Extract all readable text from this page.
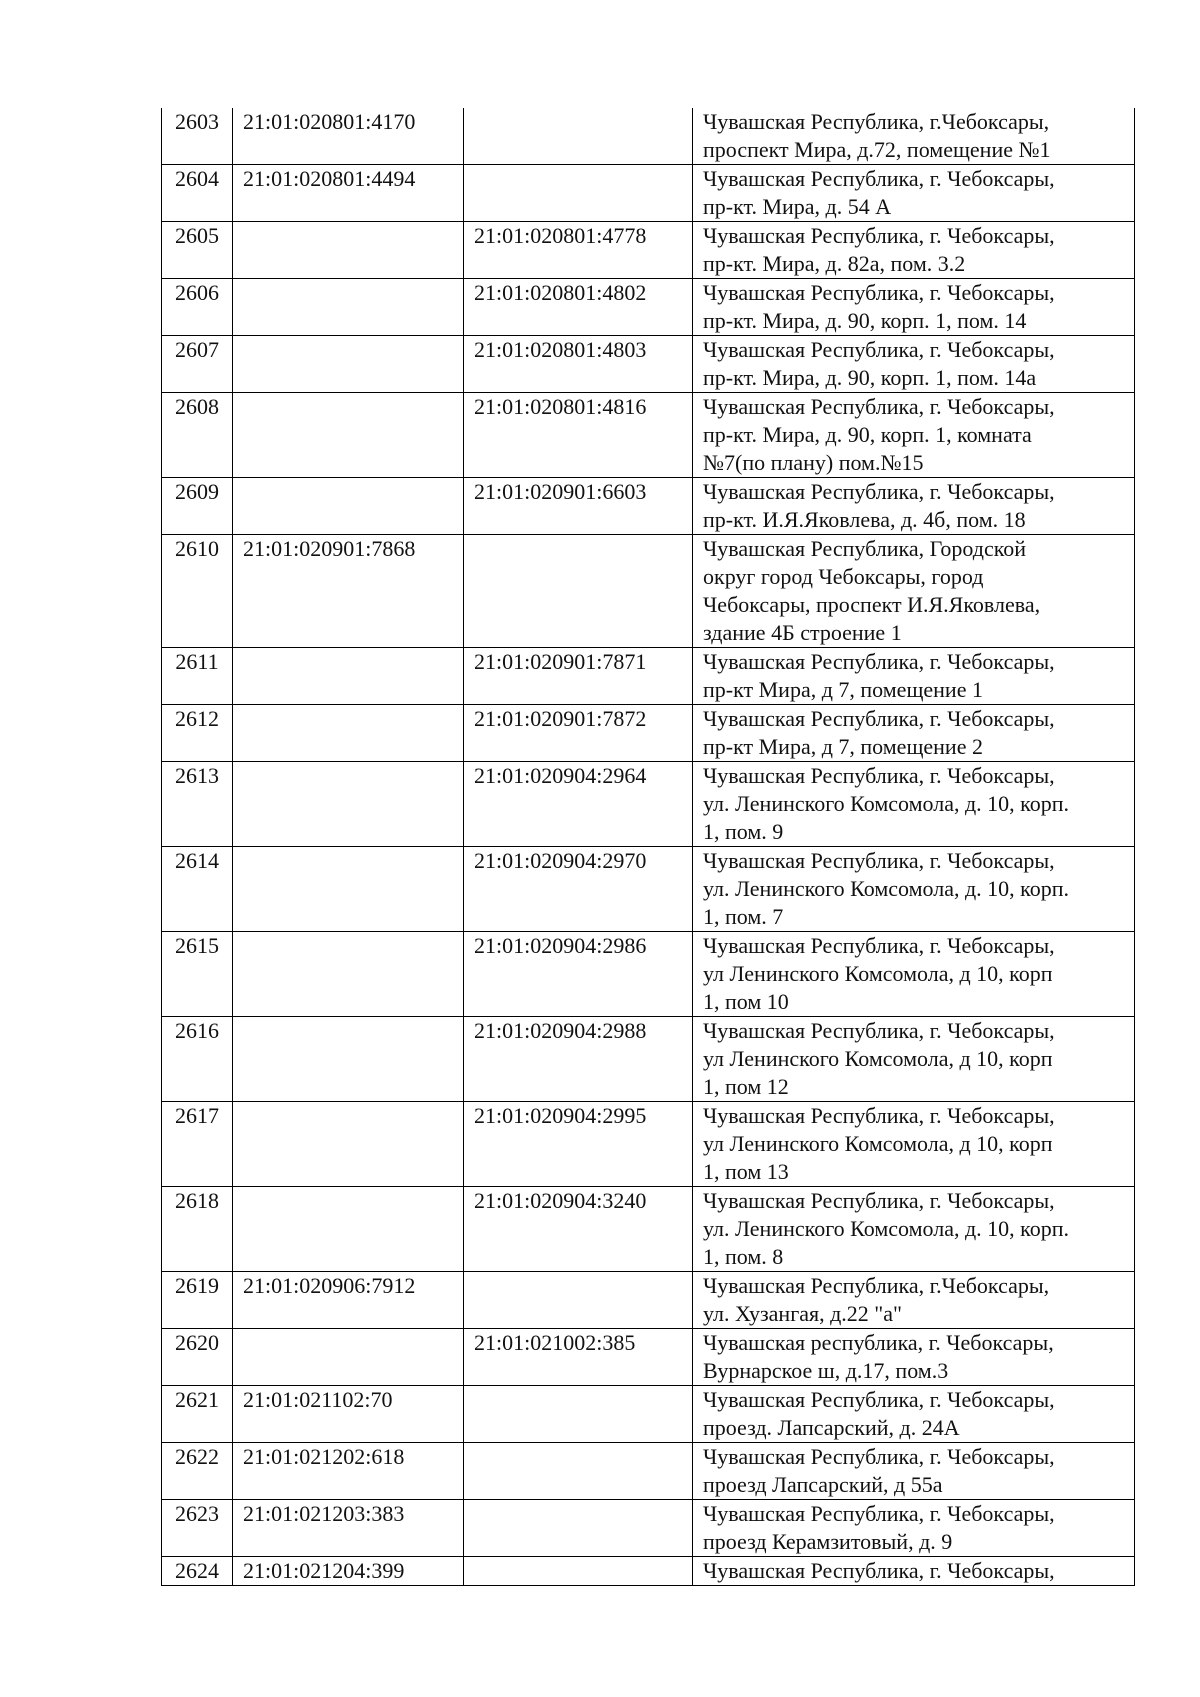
2603	21:01:020801:4170		Чувашская Республика, г.Чебоксары,
проспект Мира, д.72, помещение №1

2604	21:01:020801:4494		Чувашская Республика, г. Чебоксары,
пр-кт. Мира, д. 54 А

2605		21:01:020801:4778	Чувашская Республика, г. Чебоксары,
пр-кт. Мира, д. 82а, пом. 3.2

2606		21:01:020801:4802	Чувашская Республика, г. Чебоксары,
пр-кт. Мира, д. 90, корп. 1, пом. 14

2607		21:01:020801:4803	Чувашская Республика, г. Чебоксары,
пр-кт. Мира, д. 90, корп. 1, пом. 14а

2608		21:01:020801:4816	Чувашская Республика, г. Чебоксары,
пр-кт. Мира, д. 90, корп. 1, комната
№7(по плану) пом.№15

2609		21:01:020901:6603	Чувашская Республика, г. Чебоксары,
пр-кт. И.Я.Яковлева, д. 4б, пом. 18

2610	21:01:020901:7868		Чувашская Республика, Городской
округ город Чебоксары, город
Чебоксары, проспект И.Я.Яковлева,
здание 4Б строение 1

2611		21:01:020901:7871	Чувашская Республика, г. Чебоксары,
пр-кт Мира, д 7, помещение 1

2612		21:01:020901:7872	Чувашская Республика, г. Чебоксары,
пр-кт Мира, д 7, помещение 2

2613		21:01:020904:2964	Чувашская Республика, г. Чебоксары,
ул. Ленинского Комсомола, д. 10, корп.
1, пом. 9

2614		21:01:020904:2970	Чувашская Республика, г. Чебоксары,
ул. Ленинского Комсомола, д. 10, корп.
1, пом. 7

2615		21:01:020904:2986	Чувашская Республика, г. Чебоксары,
ул Ленинского Комсомола, д 10, корп
1, пом 10

2616		21:01:020904:2988	Чувашская Республика, г. Чебоксары,
ул Ленинского Комсомола, д 10, корп
1, пом 12

2617		21:01:020904:2995	Чувашская Республика, г. Чебоксары,
ул Ленинского Комсомола, д 10, корп
1, пом 13

2618		21:01:020904:3240	Чувашская Республика, г. Чебоксары,
ул. Ленинского Комсомола, д. 10, корп.
1, пом. 8

2619	21:01:020906:7912		Чувашская Республика, г.Чебоксары,
ул. Хузангая, д.22 "а"

2620		21:01:021002:385	Чувашская республика, г. Чебоксары,
Вурнарское ш, д.17, пом.3

2621	21:01:021102:70		Чувашская Республика, г. Чебоксары,
проезд. Лапсарский, д. 24А

2622	21:01:021202:618		Чувашская Республика, г. Чебоксары,
проезд Лапсарский, д 55а

2623	21:01:021203:383		Чувашская Республика, г. Чебоксары,
проезд Керамзитовый, д. 9

2624	21:01:021204:399		Чувашская Республика, г. Чебоксары,
